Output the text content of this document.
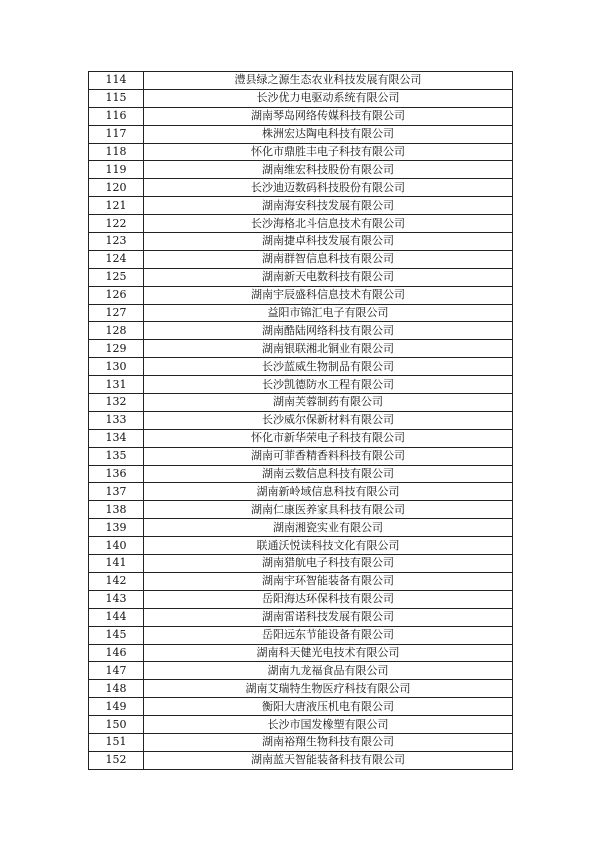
114	澧县绿之源生态农业科技发展有限公司
115	长沙优力电驱动系统有限公司
116	湖南琴岛网络传媒科技有限公司
117	株洲宏达陶电科技有限公司
118	怀化市鼎胜丰电子科技有限公司
119	湖南维宏科技股份有限公司
120	长沙迪迈数码科技股份有限公司
121	湖南海安科技发展有限公司
122	长沙海格北斗信息技术有限公司
123	湖南捷卓科技发展有限公司
124	湖南群智信息科技有限公司
125	湖南新天电数科技有限公司
126	湖南宇辰盛科信息技术有限公司
127	益阳市锦汇电子有限公司
128	湖南酷陆网络科技有限公司
129	湖南银联湘北铜业有限公司
130	长沙蓝威生物制品有限公司
131	长沙凯德防水工程有限公司
132	湖南芙蓉制药有限公司
133	长沙威尔保新材料有限公司
134	怀化市新华荣电子科技有限公司
135	湖南可菲香精香料科技有限公司
136	湖南云数信息科技有限公司
137	湖南新岭域信息科技有限公司
138	湖南仁康医养家具科技有限公司
139	湖南湘瓷实业有限公司
140	联通沃悦读科技文化有限公司
141	湖南猎航电子科技有限公司
142	湖南宇环智能装备有限公司
143	岳阳海达环保科技有限公司
144	湖南雷诺科技发展有限公司
145	岳阳远东节能设备有限公司
146	湖南科天健光电技术有限公司
147	湖南九龙福食品有限公司
148	湖南艾瑞特生物医疗科技有限公司
149	衡阳大唐液压机电有限公司
150	长沙市国发橡塑有限公司
151	湖南裕翔生物科技有限公司
152	湖南蓝天智能装备科技有限公司
